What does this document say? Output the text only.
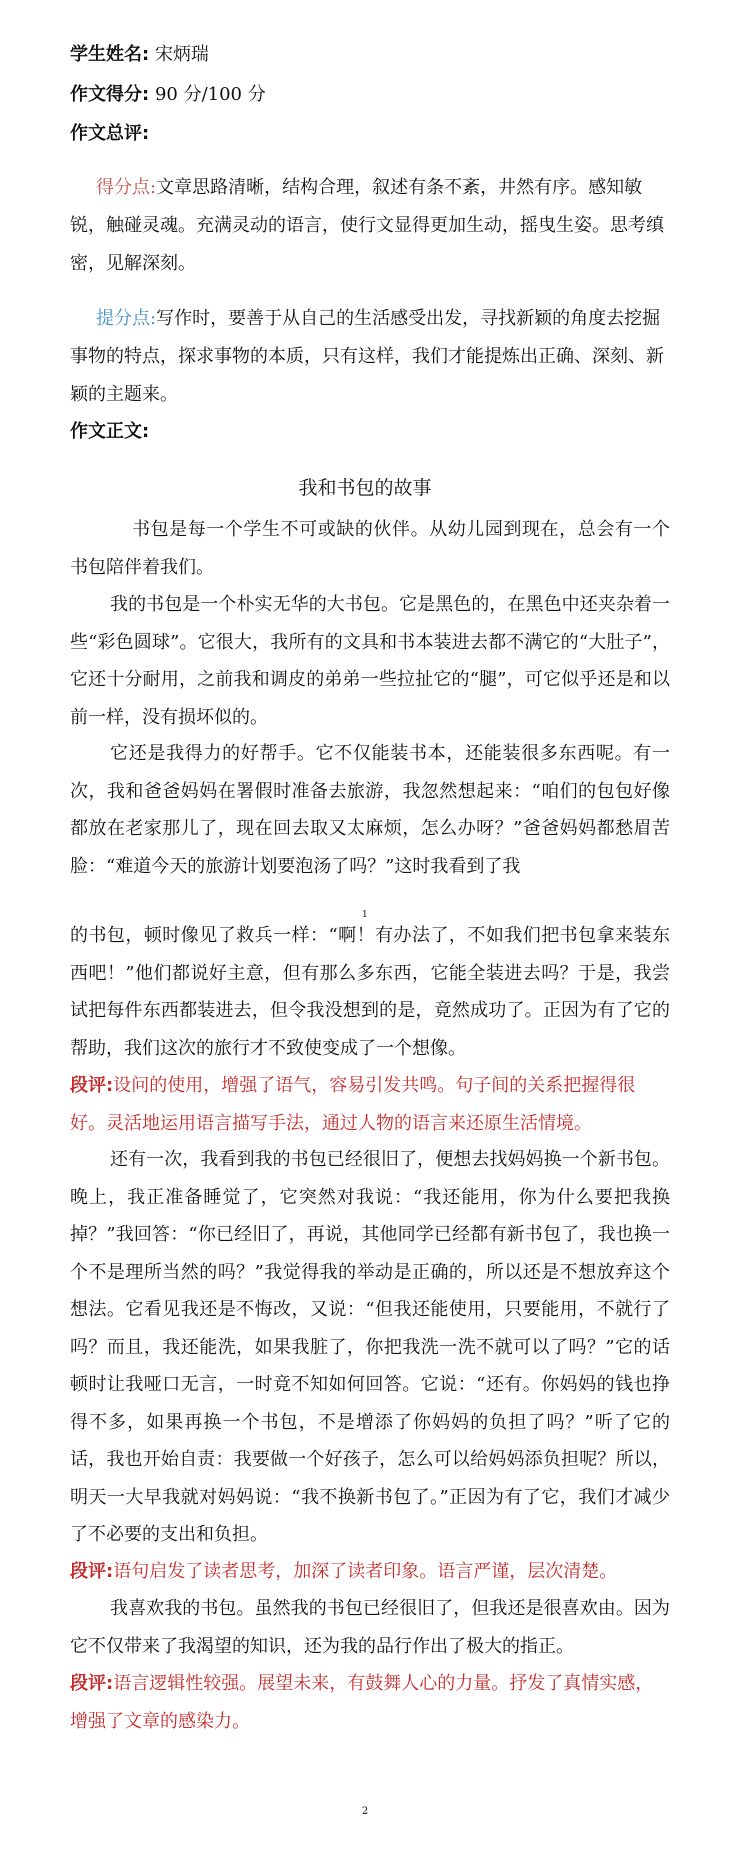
学生姓名: 宋炳瑞
作文得分: 90 分/100 分
作文总评:
得分点:文章思路清晰，结构合理，叙述有条不紊，井然有序。感知敏锐，触碰灵魂。充满灵动的语言，使行文显得更加生动，摇曳生姿。思考缜密，见解深刻。
提分点:写作时，要善于从自己的生活感受出发，寻找新颖的角度去挖掘事物的特点，探求事物的本质，只有这样，我们才能提炼出正确、深刻、新颖的主题来。
作文正文:
我和书包的故事
书包是每一个学生不可或缺的伙伴。从幼儿园到现在，总会有一个书包陪伴着我们。
我的书包是一个朴实无华的大书包。它是黑色的，在黑色中还夹杂着一些“彩色圆球”。它很大，我所有的文具和书本装进去都不满它的“大肚子”，它还十分耐用，之前我和调皮的弟弟一些拉扯它的“腿”，可它似乎还是和以前一样，没有损坏似的。
它还是我得力的好帮手。它不仅能装书本，还能装很多东西呢。有一次，我和爸爸妈妈在署假时准备去旅游，我忽然想起来：“咱们的包包好像都放在老家那儿了，现在回去取又太麻烦，怎么办呀？”爸爸妈妈都愁眉苦脸：“难道今天的旅游计划要泡汤了吗？”这时我看到了我
1
的书包，顿时像见了救兵一样：“啊！有办法了，不如我们把书包拿来装东西吧！”他们都说好主意，但有那么多东西，它能全装进去吗？于是，我尝试把每件东西都装进去，但令我没想到的是，竟然成功了。正因为有了它的帮助，我们这次的旅行才不致使变成了一个想像。
段评:设问的使用，增强了语气，容易引发共鸣。句子间的关系把握得很好。灵活地运用语言描写手法，通过人物的语言来还原生活情境。
还有一次，我看到我的书包已经很旧了，便想去找妈妈换一个新书包。晚上，我正准备睡觉了，它突然对我说：“我还能用，你为什么要把我换掉？”我回答：“你已经旧了，再说，其他同学已经都有新书包了，我也换一个不是理所当然的吗？”我觉得我的举动是正确的，所以还是不想放弃这个想法。它看见我还是不悔改，又说：“但我还能使用，只要能用，不就行了吗？而且，我还能洗，如果我脏了，你把我洗一洗不就可以了吗？”它的话顿时让我哑口无言，一时竟不知如何回答。它说：“还有。你妈妈的钱也挣得不多，如果再换一个书包，不是增添了你妈妈的负担了吗？”听了它的话，我也开始自责：我要做一个好孩子，怎么可以给妈妈添负担呢？所以，明天一大早我就对妈妈说：“我不换新书包了。”正因为有了它，我们才减少了不必要的支出和负担。
段评:语句启发了读者思考，加深了读者印象。语言严谨，层次清楚。
我喜欢我的书包。虽然我的书包已经很旧了，但我还是很喜欢由。因为它不仅带来了我渴望的知识，还为我的品行作出了极大的指正。
段评:语言逻辑性较强。展望未来，有鼓舞人心的力量。抒发了真情实感，增强了文章的感染力。
2
